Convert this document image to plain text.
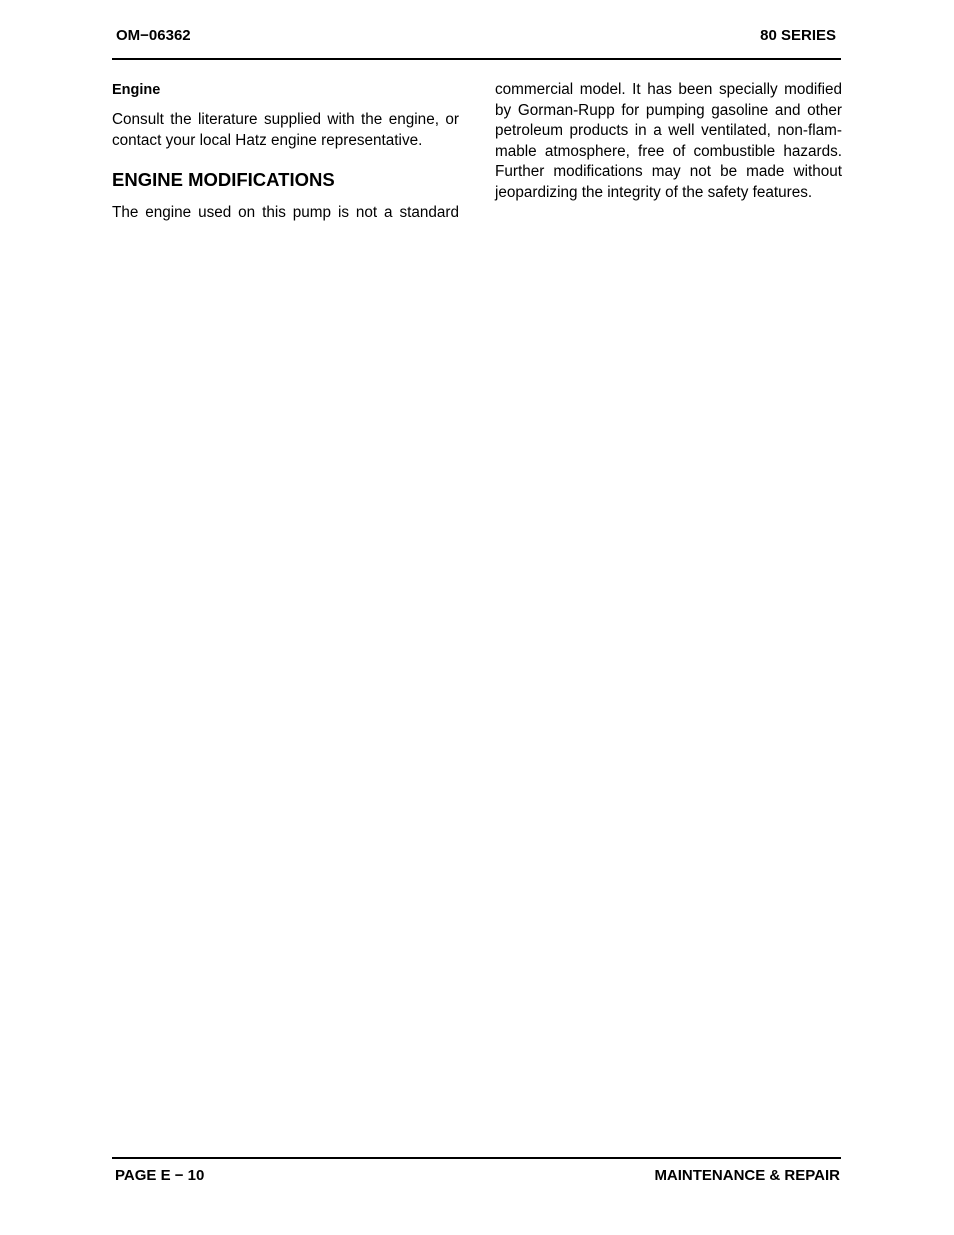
OM−06362	80 SERIES

Engine

Consult the literature supplied with the engine, or contact your local Hatz engine representative.

ENGINE MODIFICATIONS

The engine used on this pump is not a standard

commercial model. It has been specially modified by Gorman-Rupp for pumping gasoline and other petroleum products in a well ventilated, non-flam- mable atmosphere, free of combustible hazards. Further modifications may not be made without jeopardizing the integrity of the safety features.

PAGE E − 10	MAINTENANCE & REPAIR
